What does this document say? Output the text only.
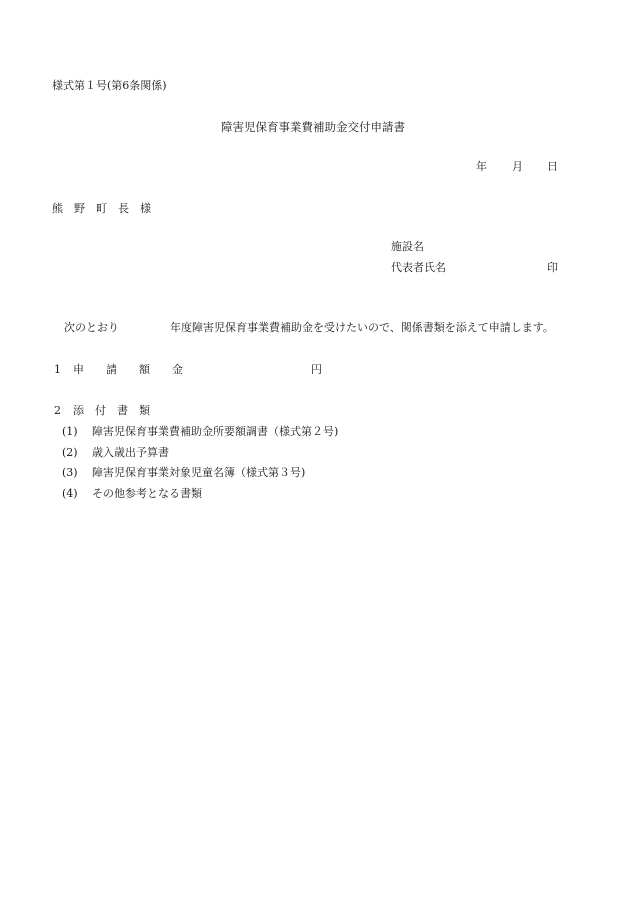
様式第１号(第6条関係)
障害児保育事業費補助金交付申請書
年 月 日
熊　野　町　長　様
施設名
代表者氏名	印
次のとおり	年度障害児保育事業費補助金を受けたいので、関係書類を添えて申請します。
1 申　　請　　額　　金	円
2 添　付　書　類
(1) 障害児保育事業費補助金所要額調書（様式第２号)
(2) 歳入歳出予算書
(3) 障害児保育事業対象児童名簿（様式第３号)
(4) その他参考となる書類
